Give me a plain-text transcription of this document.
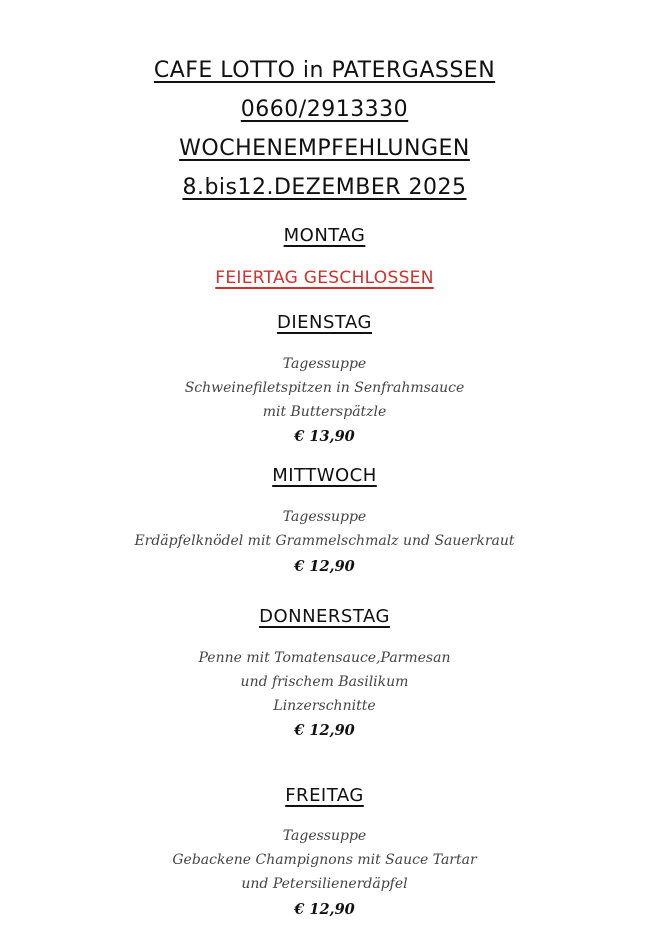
CAFE LOTTO in PATERGASSEN
0660/2913330
WOCHENEMPFEHLUNGEN
8.bis12.DEZEMBER 2025
MONTAG
FEIERTAG GESCHLOSSEN
DIENSTAG
Tagessuppe
Schweinefiletspitzen in Senfrahmsauce
mit Butterspätzle
€ 13,90
MITTWOCH
Tagessuppe
Erdäpfelknödel mit Grammelschmalz und Sauerkraut
€ 12,90
DONNERSTAG
Penne mit Tomatensauce,Parmesan
und frischem Basilikum
Linzerschnitte
€ 12,90
FREITAG
Tagessuppe
Gebackene Champignons mit Sauce Tartar
und Petersilienerdäpfel
€ 12,90
